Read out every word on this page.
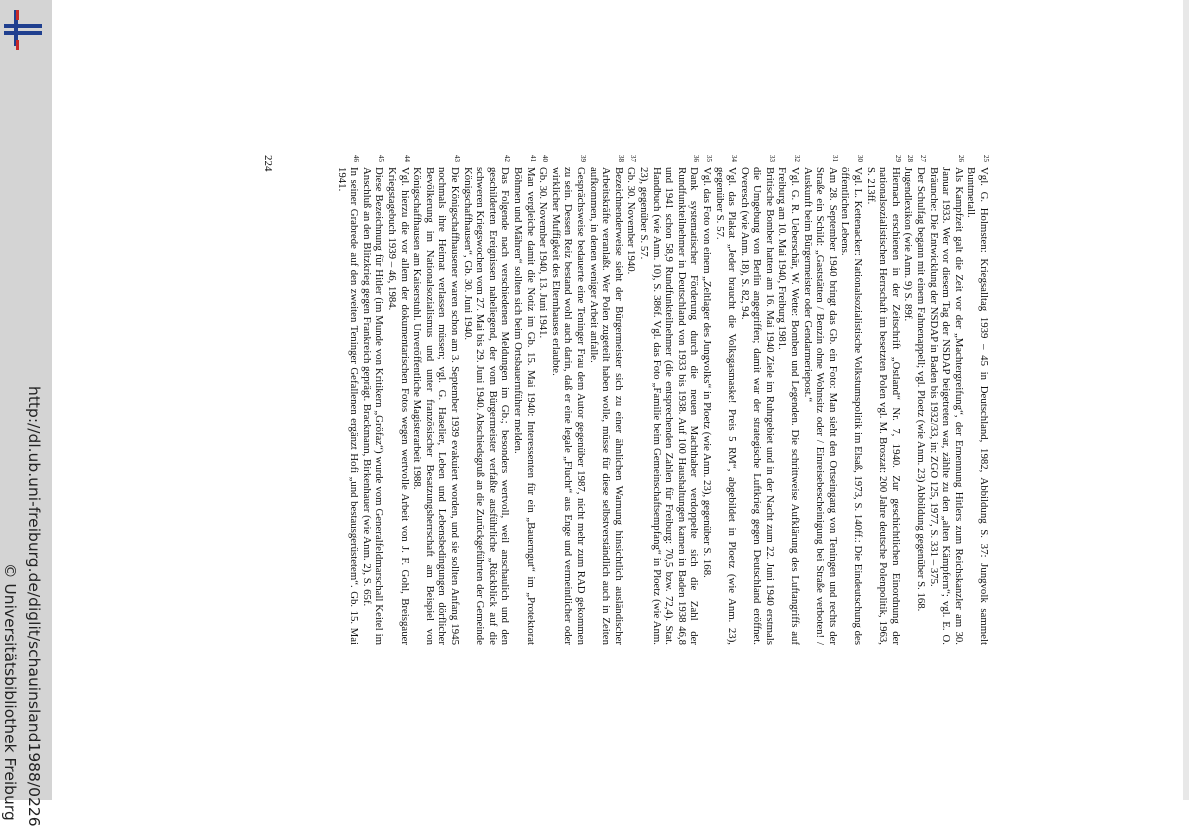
http://dl.ub.uni-freiburg.de/diglit/schauinsland1988/0226
© Universitätsbibliothek Freiburg
25
Vgl. G. Holmsten: Kriegsalltag 1939 – 45 in Deutschland, 1982, Abbildung S. 37: Jungvolk sammelt Buntmetall.
26
Als Kampfzeit galt die Zeit vor der „Machtergreifung“, der Ernennung Hitlers zum Reichskanzler am 30. Januar 1933. Wer vor diesem Tag der NSDAP beigetreten war, zählte zu den „alten Kämpfern“; vgl. E. O. Bräunche: Die Entwicklung der NSDAP in Baden bis 1932/33, in: ZGO 125, 1977, S. 331 – 375.
27
Der Schulfag begann mit einem Fahnenappell; vgl. Ploetz (wie Anm. 23) Abbildung gegenüber S. 168.
28
Jugendlexikon (wie Anm. 9) S. 89f.
29
Hiernach erschienen in der Zeitschrift „Ostland“ Nr. 7, 1940. Zur geschichtlichen Einordnung der nationalsozialistischen Herrschaft im besetzten Polen vgl. M. Broszat: 200 Jahre deutsche Polenpolitik, 1963, S. 213ff.
30
Vgl. L. Kettenacker: Nationalsozialistische Volkstumspolitik im Elsaß, 1973, S. 140ff.: Die Eindeutschung des öffentlichen Lebens.
31
Am 28. September 1940 bringt das Gb. ein Foto: Man sieht den Ortseingang von Teningen und rechts der Straße ein Schild: „Gaststätten / Benzin ohne Wohnsitz oder / Einreisebescheinigung bei Straße verboten! / Auskunft beim Bürgermeister oder Gendarmeriepost.“
32
Vgl. G. R. Ueberschär, W. Wette: Bomben und Legenden. Die schrittweise Aufklärung des Luftangriffs auf Freiburg am 10. Mai 1940, Freiburg 1981.
33
Britische Bomber hatten am 16. Mai 1940 Ziele im Ruhrgebiet und in der Nacht zum 22. Juni 1940 erstmals die Umgebung von Berlin angegriffen; damit war der strategische Luftkrieg gegen Deutschland eröffnet. Overesch (wie Anm. 18), S. 82, 94.
34
Vgl. das Plakat „Jeder braucht die Volksgasmaske! Preis 5 RM“, abgebildet in Ploetz (wie Anm. 23), gegenüber S. 57.
35
Vgl. das Foto von einem „Zeltlager des Jungvolks“ in Ploetz (wie Anm. 23), gegenüber S. 168.
36
Dank systematischer Förderung durch die neuen Machthaber verdoppelte sich die Zahl der Rundfunkteilnehmer in Deutschland von 1933 bis 1938. Auf 100 Haushaltungen kamen in Baden 1938 46,8 und 1941 schon 58,9 Rundfunkteilnehmer (die entsprechenden Zahlen für Freiburg: 70,5 bzw. 72,4). Stat. Handbuch (wie Anm. 10), S. 386f. Vgl. das Foto „Familie beim Gemeinschaftsempfang“ in Ploetz (wie Anm. 23), gegenüber S. 57.
37
Gb. 30. November 1940.
38
Bezeichnenderweise sieht der Bürgermeister sich zu einer ähnlichen Warnung hinsichtlich ausländischer Arbeitskräfte veranlaßt. Wer Polen zugeteilt haben wolle, müsse für diese selbstverständlich auch in Zeiten aufkommen, in denen weniger Arbeit anfalle.
39
Gesprächsweise bedauerte eine Teninger Frau dem Autor gegenüber 1987, nicht mehr zum RAD gekommen zu sein. Dessen Reiz bestand wohl auch darin, daß er eine legale „Flucht“ aus Enge und vermeintlicher oder wirklicher Muffigkeit des Elternhauses erlaubte.
40
Gb. 30. November 1940, 13. Juni 1941.
41
Man vergleiche damit die Notiz im Gb. 15. Mai 1940: Interessenten für ein „Bauerngut“ im „Protektorat Böhmen und Mähren“ sollten sich beim Ortsbauernführer melden.
42
Das Folgende nach verschiedenen Meldungen im Gb.; besonders wertvoll, weil anschaulich und den geschilderten Ereignissen naheliegend, der vom Bürgermeister verfaßte ausführliche „Rückblick auf die schweren Kriegswochen vom 27. Mai bis 29. Juni 1940. Abschiedsgruß an die Zurückgeführten der Gemeinde Königschaffhausen“, Gb. 30. Juni 1940.
43
Die Königschaffhausener waren schon am 3. September 1939 evakuiert worden, und sie sollten Anfang 1945 nochmals ihre Heimat verlassen müssen; vgl. G. Haselier, Leben und Lebensbedingungen dörflicher Bevölkerung im Nationalsozialismus und unter französischer Besatzungsherrschaft am Beispiel von Königschaffhausen am Kaiserstuhl. Unveröffentliche Magisterarbeit 1988.
44
Vgl. hierzu die vor allem der dokumentarischen Fotos wegen wertvolle Arbeit von J. F. Gohl, Breisgauer Kriegstagebuch 1939 – 46, 1984.
45
Diese Bezeichnung für Hitler (im Munde von Kritikern „Gröfaz“) wurde vom Generalfeldmarschall Keitel im Anschluß an den Blitzkrieg gegen Frankreich geprägt. Brackmann, Birkenhauer (wie Anm. 2), S. 65f.
46
In seiner Grabrede auf den zweiten Teninger Gefallenen ergänzt Hofi „und bestausgerüstetem“. Gb. 15. Mai 1941.
224
